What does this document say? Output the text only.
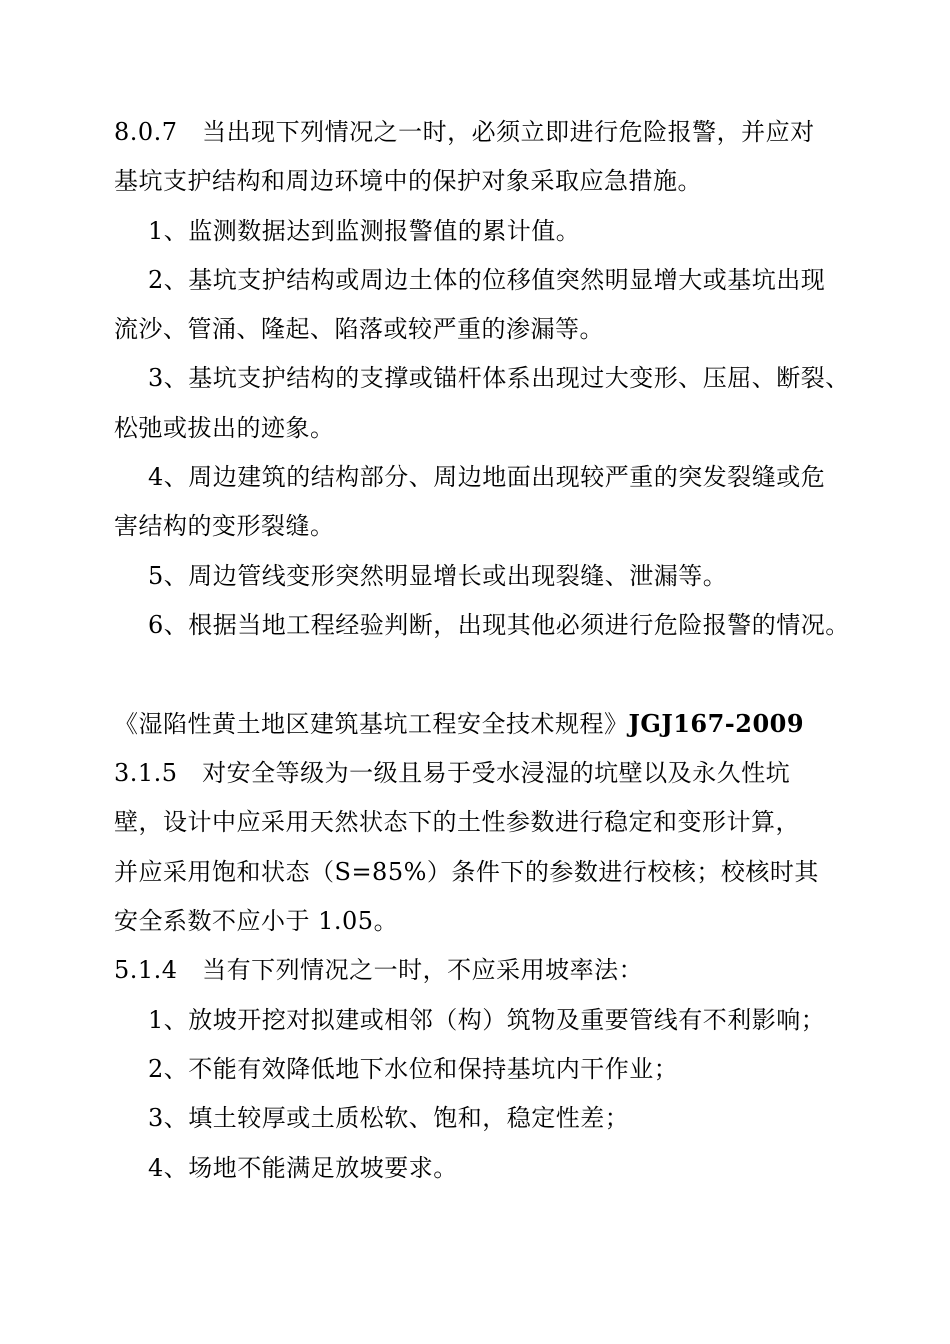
8.0.7　当出现下列情况之一时，必须立即进行危险报警，并应对
基坑支护结构和周边环境中的保护对象采取应急措施。
1、监测数据达到监测报警值的累计值。
2、基坑支护结构或周边土体的位移值突然明显增大或基坑出现
流沙、管涌、隆起、陷落或较严重的渗漏等。
3、基坑支护结构的支撑或锚杆体系出现过大变形、压屈、断裂、
松弛或拔出的迹象。
4、周边建筑的结构部分、周边地面出现较严重的突发裂缝或危
害结构的变形裂缝。
5、周边管线变形突然明显增长或出现裂缝、泄漏等。
6、根据当地工程经验判断，出现其他必须进行危险报警的情况。
《湿陷性黄土地区建筑基坑工程安全技术规程》JGJ167-2009
3.1.5　对安全等级为一级且易于受水浸湿的坑壁以及永久性坑
壁，设计中应采用天然状态下的土性参数进行稳定和变形计算，
并应采用饱和状态（S=85%）条件下的参数进行校核；校核时其
安全系数不应小于 1.05。
5.1.4　当有下列情况之一时，不应采用坡率法：
1、放坡开挖对拟建或相邻（构）筑物及重要管线有不利影响；
2、不能有效降低地下水位和保持基坑内干作业；
3、填土较厚或土质松软、饱和，稳定性差；
4、场地不能满足放坡要求。
